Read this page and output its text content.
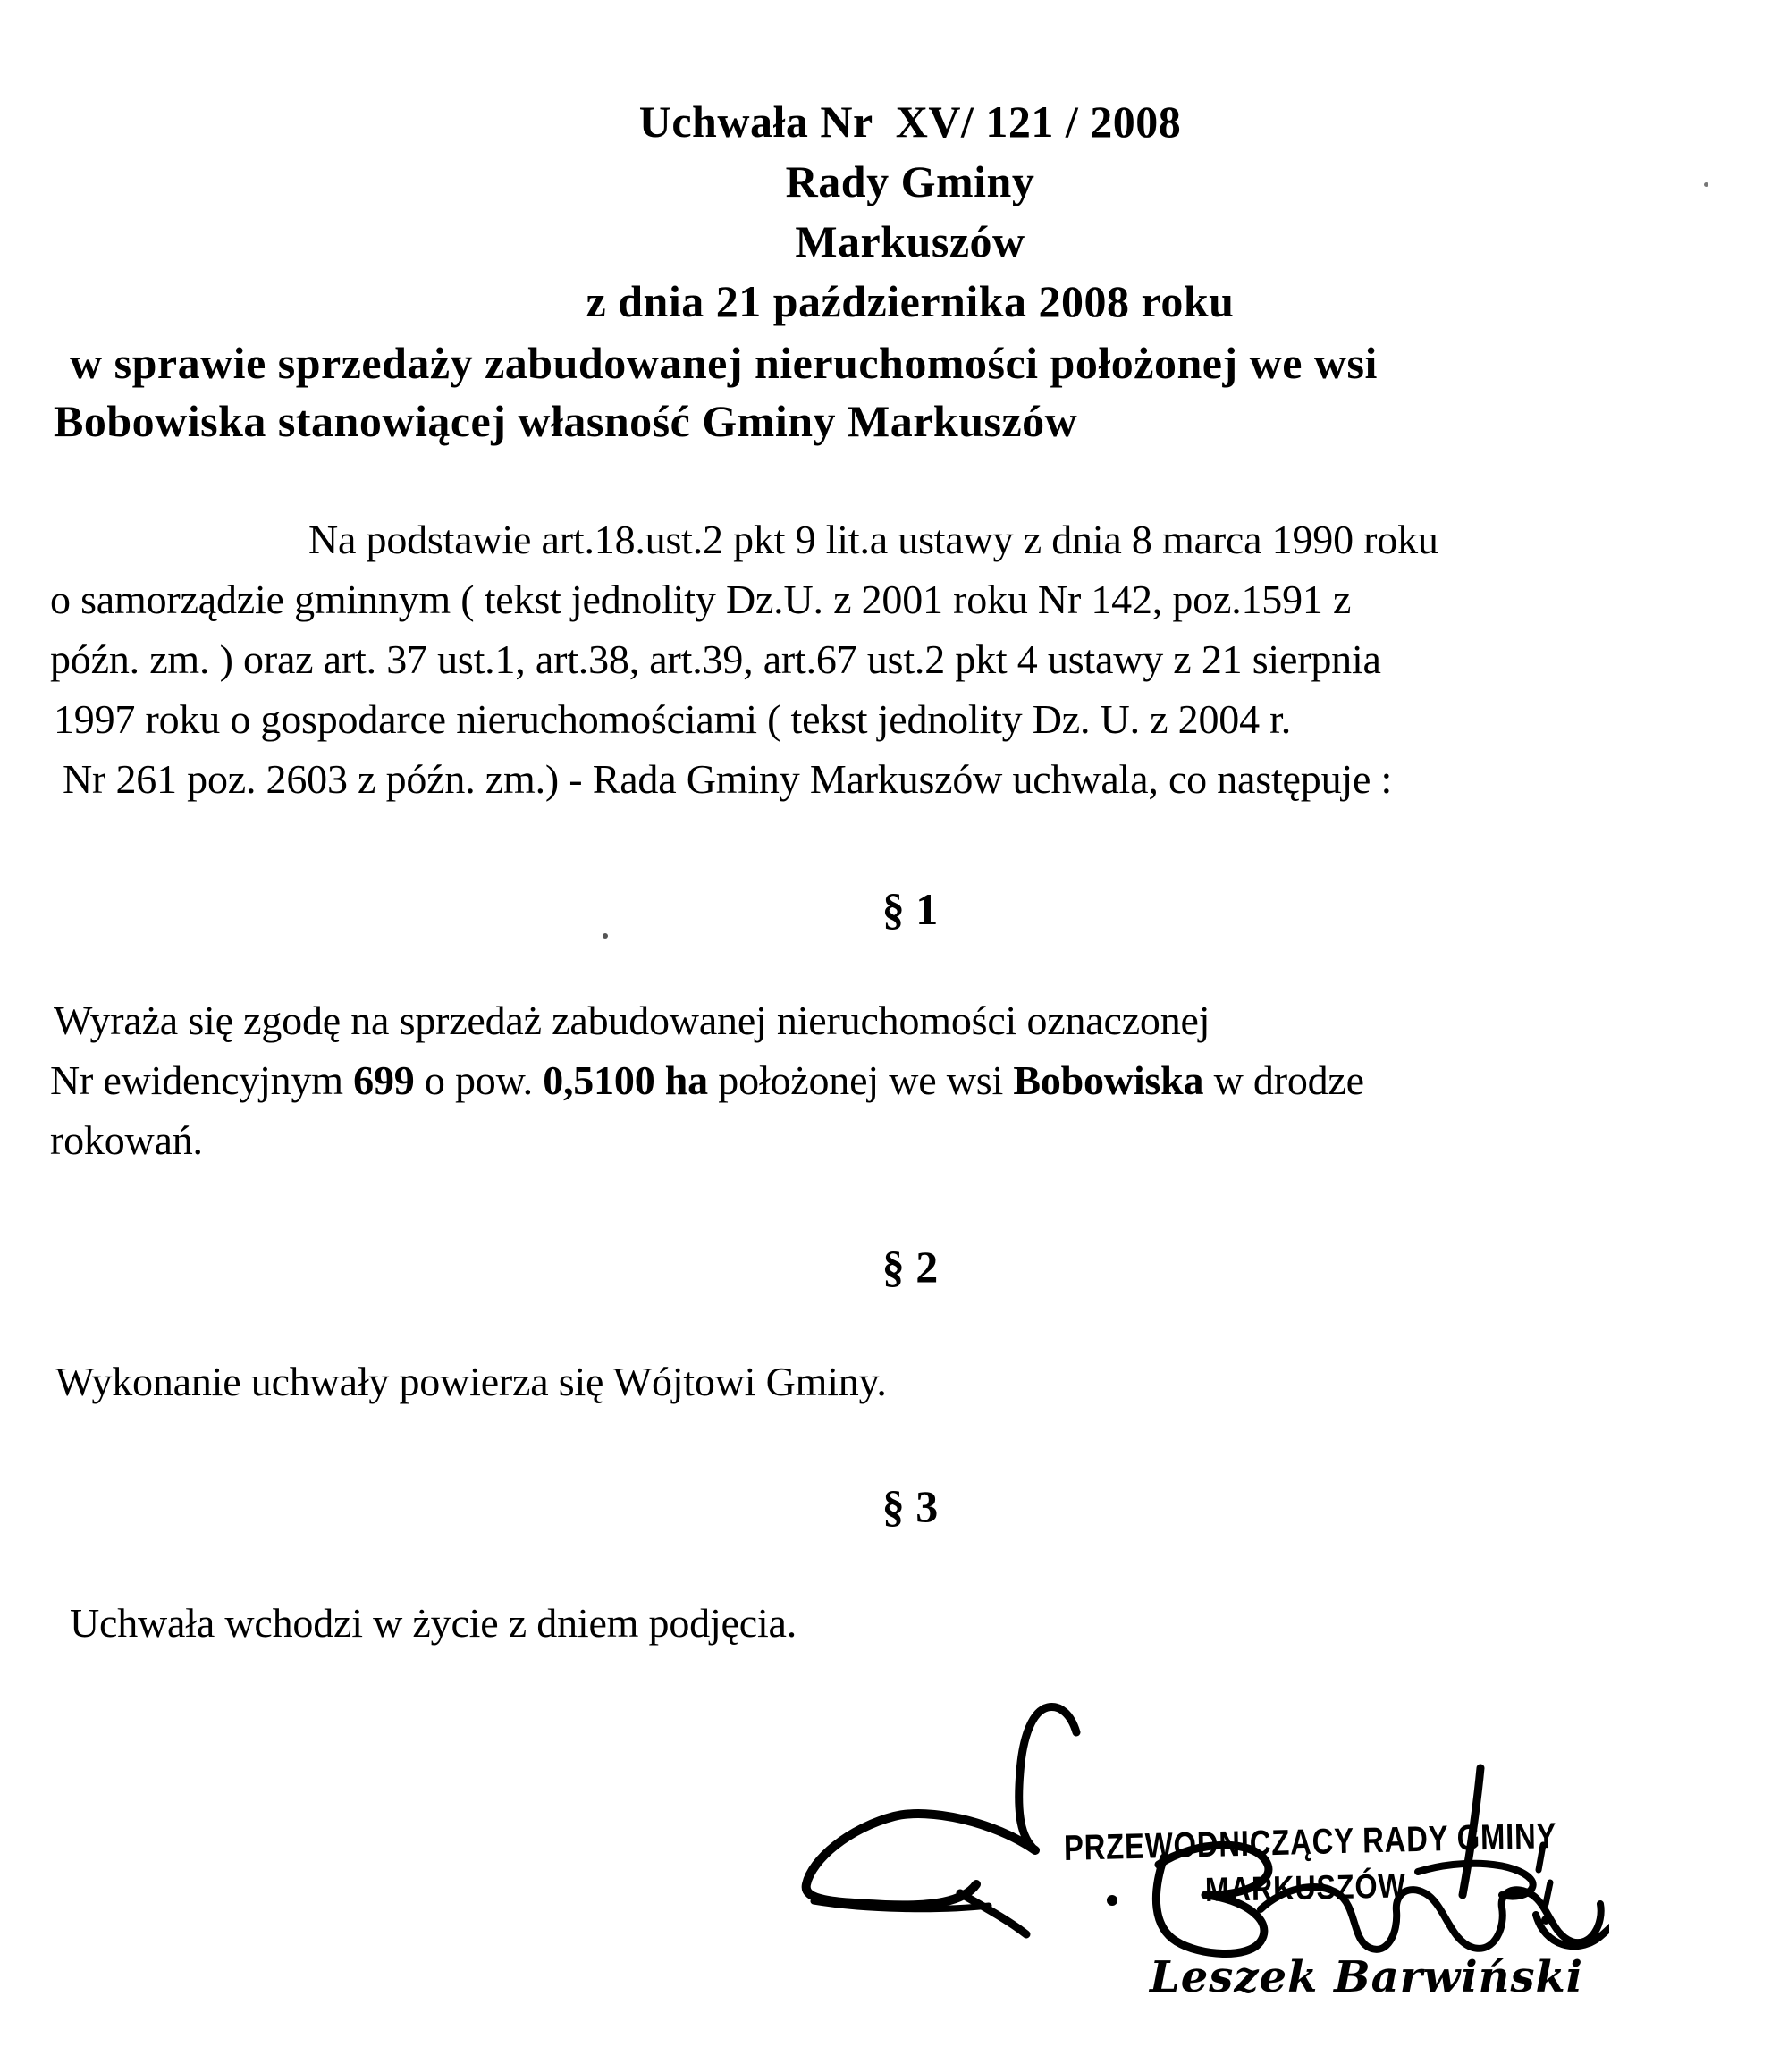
Uchwała Nr  XV/ 121 / 2008
Rady Gminy
Markuszów
z dnia 21 października 2008 roku
w sprawie sprzedaży zabudowanej nieruchomości położonej we wsi
Bobowiska stanowiącej własność Gminy Markuszów
Na podstawie art.18.ust.2 pkt 9 lit.a ustawy z dnia 8 marca 1990 roku
o samorządzie gminnym ( tekst jednolity Dz.U. z 2001 roku Nr 142, poz.1591 z
późn. zm. ) oraz art. 37 ust.1, art.38, art.39, art.67 ust.2 pkt 4 ustawy z 21 sierpnia
1997 roku o gospodarce nieruchomościami ( tekst jednolity Dz. U. z 2004 r.
Nr 261 poz. 2603 z późn. zm.) - Rada Gminy Markuszów uchwala, co następuje :
§ 1
Wyraża się zgodę na sprzedaż zabudowanej nieruchomości oznaczonej
Nr ewidencyjnym 699 o pow. 0,5100 ha położonej we wsi Bobowiska w drodze
rokowań.
§ 2
Wykonanie uchwały powierza się Wójtowi Gminy.
§ 3
Uchwała wchodzi w życie z dniem podjęcia.
PRZEWODNICZĄCY RADY GMINY
MARKUSZÓW
Leszek Barwiński
